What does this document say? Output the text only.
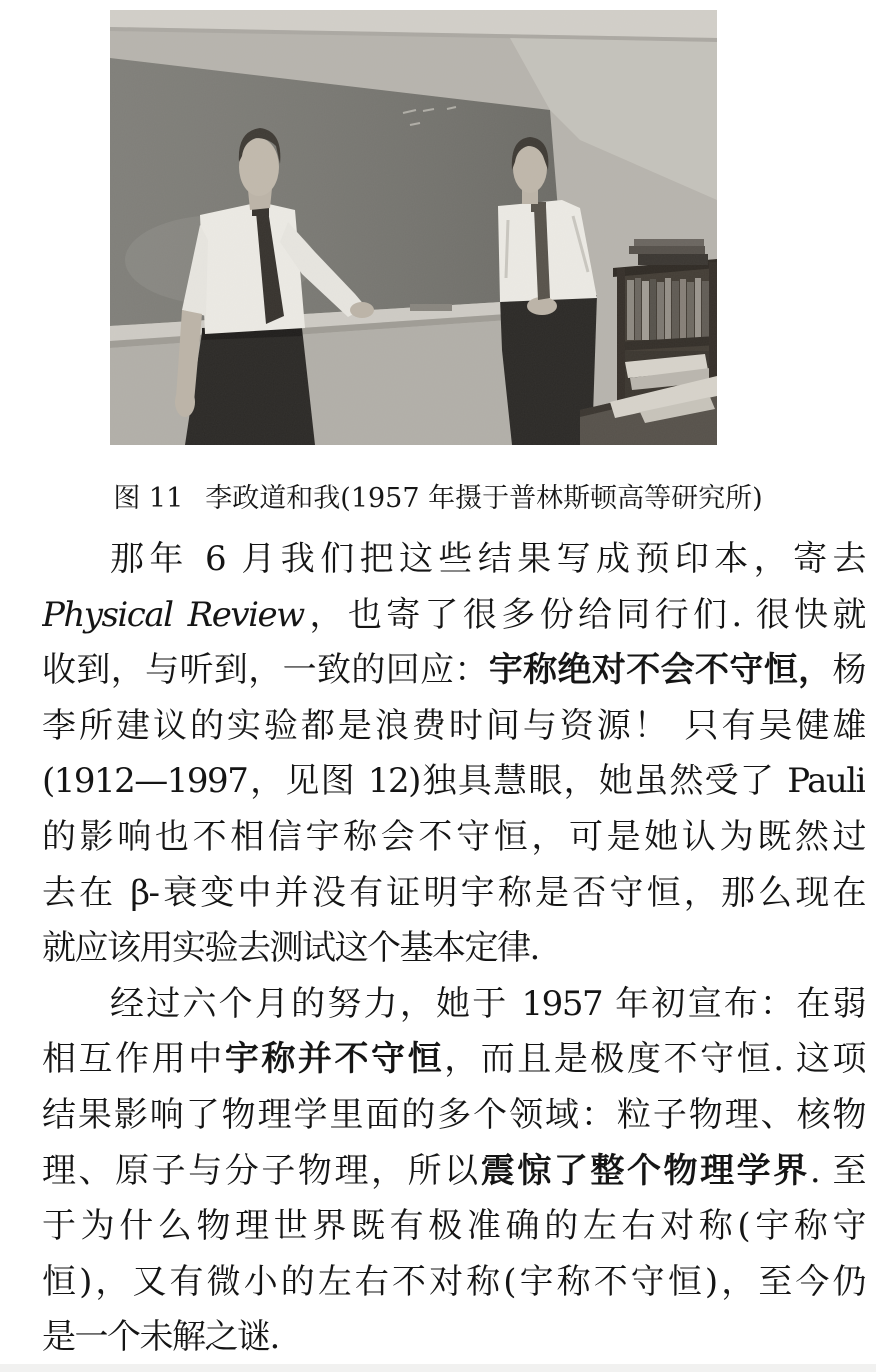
图 11 李政道和我(1957 年摄于普林斯顿高等研究所)
那年 6 月我们把这些结果写成预印本，寄去
Physical Review，也寄了很多份给同行们. 很快就
收到，与听到，一致的回应：宇称绝对不会不守恒，杨
李所建议的实验都是浪费时间与资源！ 只有吴健雄
(1912—1997，见图 12)独具慧眼，她虽然受了 Pauli
的影响也不相信宇称会不守恒，可是她认为既然过
去在 β-衰变中并没有证明宇称是否守恒，那么现在
就应该用实验去测试这个基本定律.
经过六个月的努力，她于 1957 年初宣布：在弱
相互作用中宇称并不守恒，而且是极度不守恒. 这项
结果影响了物理学里面的多个领域：粒子物理、核物
理、原子与分子物理，所以震惊了整个物理学界. 至
于为什么物理世界既有极准确的左右对称(宇称守
恒)，又有微小的左右不对称(宇称不守恒)，至今仍
是一个未解之谜.
